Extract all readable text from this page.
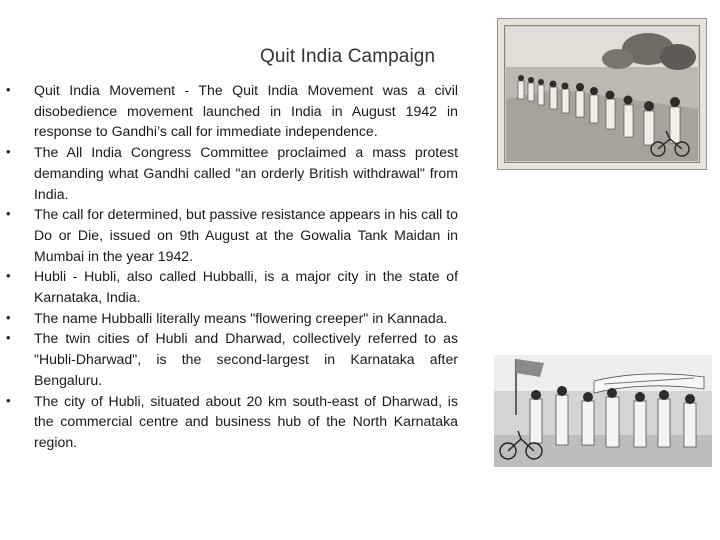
Quit India Campaign
•	Quit India Movement - The Quit India Movement was a civil disobedience movement launched in India in August 1942 in response to Gandhi’s call for immediate independence.
•	The All India Congress Committee proclaimed a mass protest demanding what Gandhi called "an orderly British withdrawal" from India.
•	The call for determined, but passive resistance appears in his call to Do or Die, issued on 9th August at the Gowalia Tank Maidan in Mumbai in the year 1942.
•	Hubli - Hubli, also called Hubballi, is a major city in the state of Karnataka, India.
•	The name Hubballi literally means "flowering creeper" in Kannada.
•	The twin cities of Hubli and Dharwad, collectively referred to as "Hubli-Dharwad", is the second-largest in Karnataka after Bengaluru.
•	The city of Hubli, situated about 20 km south-east of Dharwad, is the commercial centre and business hub of the North Karnataka region.
